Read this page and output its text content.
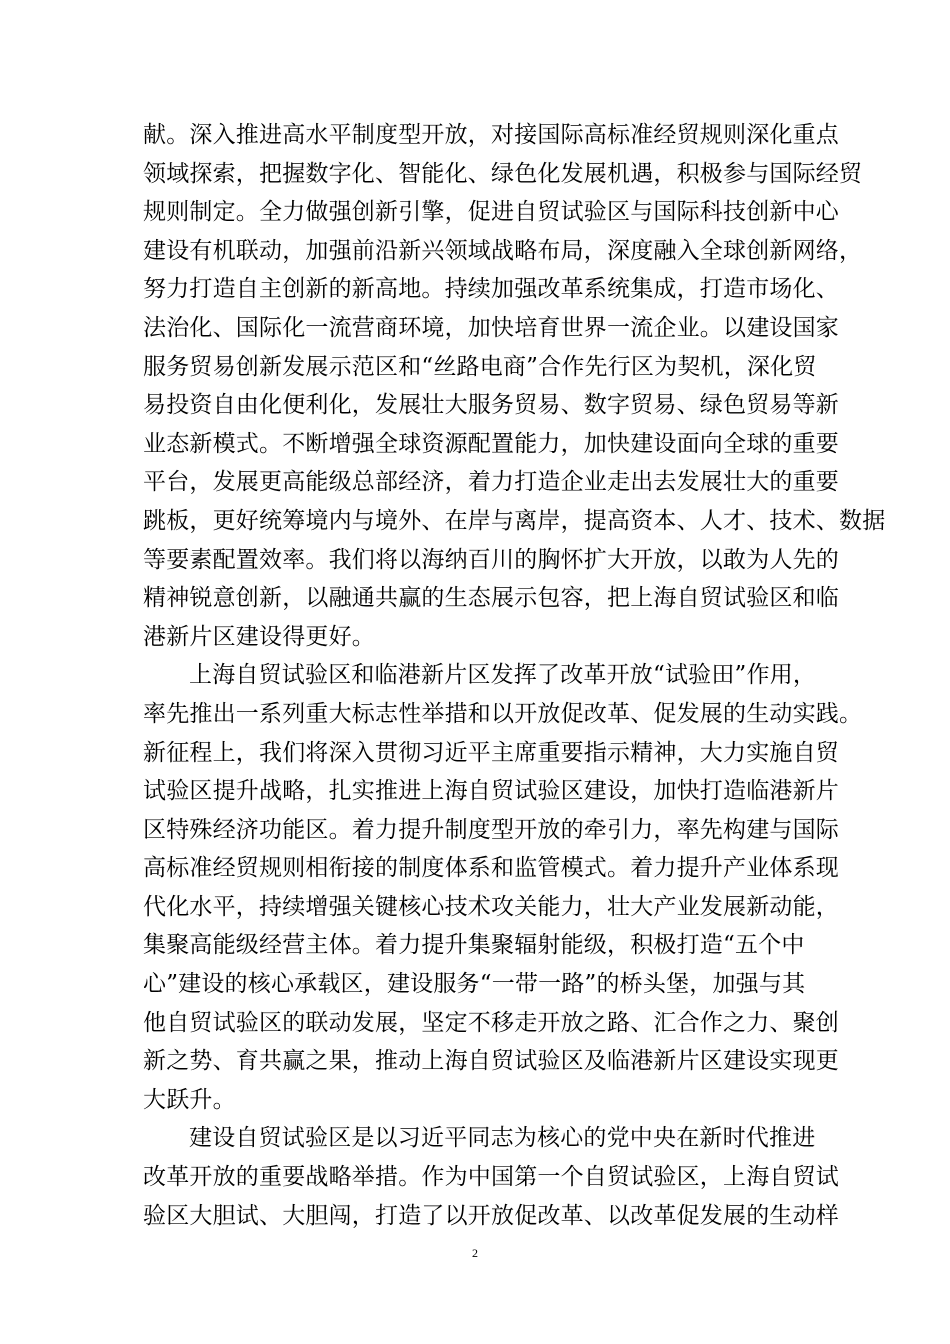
献。深入推进高水平制度型开放，对接国际高标准经贸规则深化重点
领域探索，把握数字化、智能化、绿色化发展机遇，积极参与国际经贸
规则制定。全力做强创新引擎，促进自贸试验区与国际科技创新中心
建设有机联动，加强前沿新兴领域战略布局，深度融入全球创新网络，
努力打造自主创新的新高地。持续加强改革系统集成，打造市场化、
法治化、国际化一流营商环境，加快培育世界一流企业。以建设国家
服务贸易创新发展示范区和“丝路电商”合作先行区为契机，深化贸
易投资自由化便利化，发展壮大服务贸易、数字贸易、绿色贸易等新
业态新模式。不断增强全球资源配置能力，加快建设面向全球的重要
平台，发展更高能级总部经济，着力打造企业走出去发展壮大的重要
跳板，更好统筹境内与境外、在岸与离岸，提高资本、人才、技术、数据
等要素配置效率。我们将以海纳百川的胸怀扩大开放，以敢为人先的
精神锐意创新，以融通共赢的生态展示包容，把上海自贸试验区和临
港新片区建设得更好。
上海自贸试验区和临港新片区发挥了改革开放“试验田”作用，
率先推出一系列重大标志性举措和以开放促改革、促发展的生动实践。
新征程上，我们将深入贯彻习近平主席重要指示精神，大力实施自贸
试验区提升战略，扎实推进上海自贸试验区建设，加快打造临港新片
区特殊经济功能区。着力提升制度型开放的牵引力，率先构建与国际
高标准经贸规则相衔接的制度体系和监管模式。着力提升产业体系现
代化水平，持续增强关键核心技术攻关能力，壮大产业发展新动能，
集聚高能级经营主体。着力提升集聚辐射能级，积极打造“五个中
心”建设的核心承载区，建设服务“一带一路”的桥头堡，加强与其
他自贸试验区的联动发展，坚定不移走开放之路、汇合作之力、聚创
新之势、育共赢之果，推动上海自贸试验区及临港新片区建设实现更
大跃升。
建设自贸试验区是以习近平同志为核心的党中央在新时代推进
改革开放的重要战略举措。作为中国第一个自贸试验区，上海自贸试
验区大胆试、大胆闯，打造了以开放促改革、以改革促发展的生动样
2
